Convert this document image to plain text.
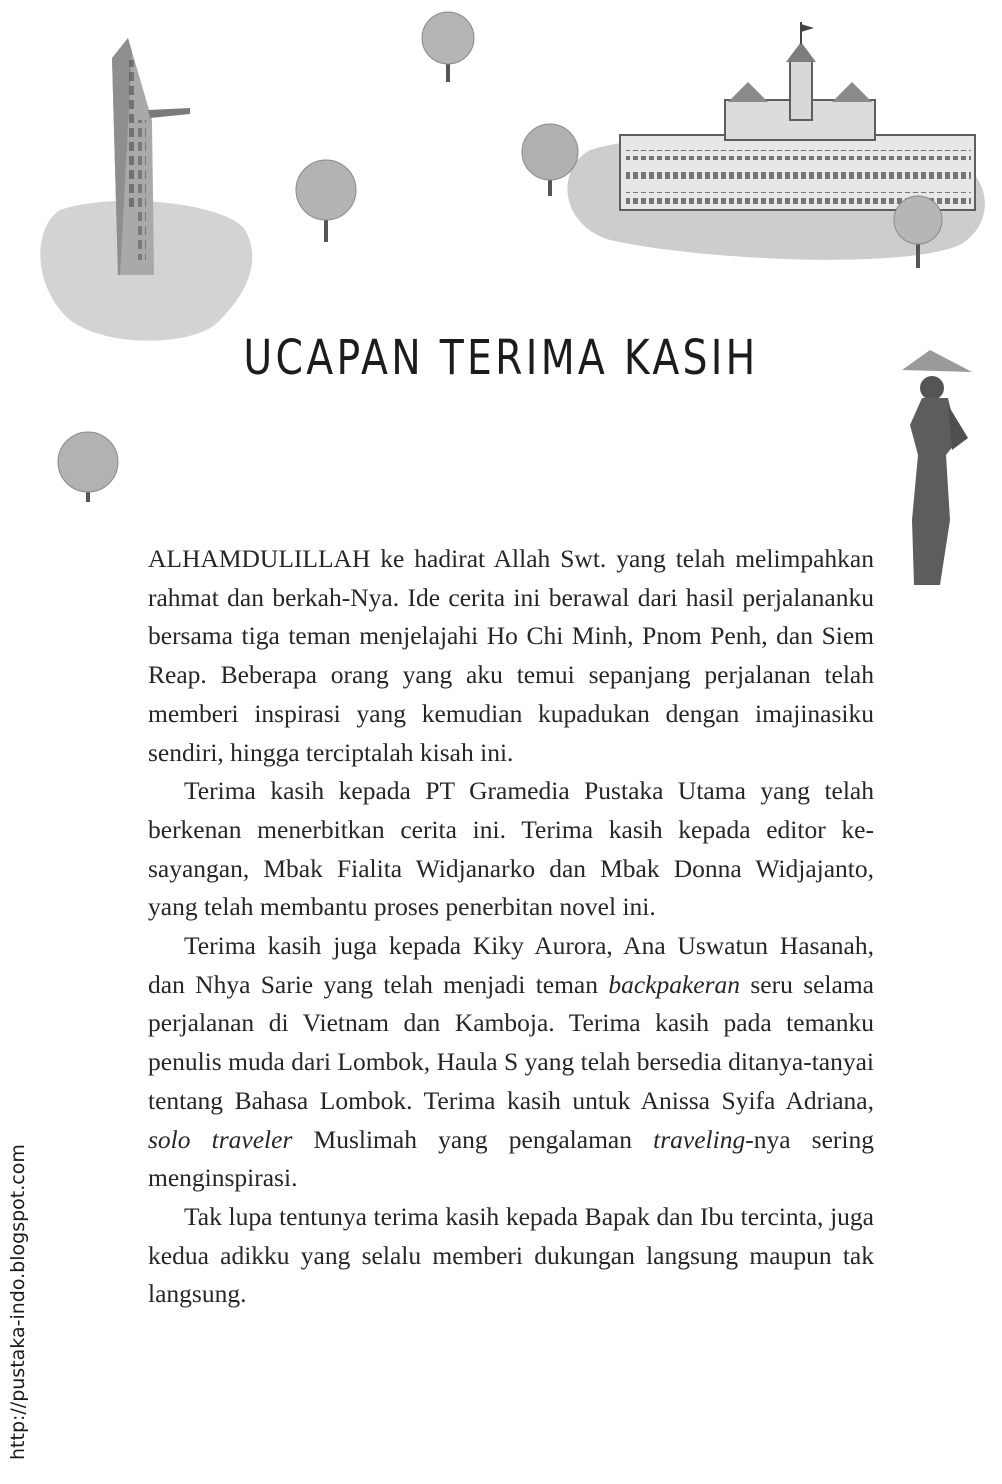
UCAPAN TERIMA KASIH

ALHAMDULILLAH ke hadirat Allah Swt. yang telah melimpahkan rahmat dan berkah-Nya. Ide cerita ini berawal dari hasil perjalananku bersama tiga teman menjelajahi Ho Chi Minh, Pnom Penh, dan Siem Reap. Beberapa orang yang aku temui sepanjang perjalanan telah memberi inspirasi yang kemudian kupadukan dengan imajinasiku sendiri, hingga terciptalah kisah ini.

Terima kasih kepada PT Gramedia Pustaka Utama yang telah berkenan menerbitkan cerita ini. Terima kasih kepada editor kesayangan, Mbak Fialita Widjanarko dan Mbak Donna Widjajanto, yang telah membantu proses penerbitan novel ini.

Terima kasih juga kepada Kiky Aurora, Ana Uswatun Hasanah, dan Nhya Sarie yang telah menjadi teman backpakeran seru selama perjalanan di Vietnam dan Kamboja. Terima kasih pada temanku penulis muda dari Lombok, Haula S yang telah bersedia ditanya-tanyai tentang Bahasa Lombok. Terima kasih untuk Anissa Syifa Adriana, solo traveler Muslimah yang pengalaman traveling-nya sering menginspirasi.

Tak lupa tentunya terima kasih kepada Bapak dan Ibu tercinta, juga kedua adikku yang selalu memberi dukungan langsung maupun tak langsung.

http://pustaka-indo.blogspot.com
